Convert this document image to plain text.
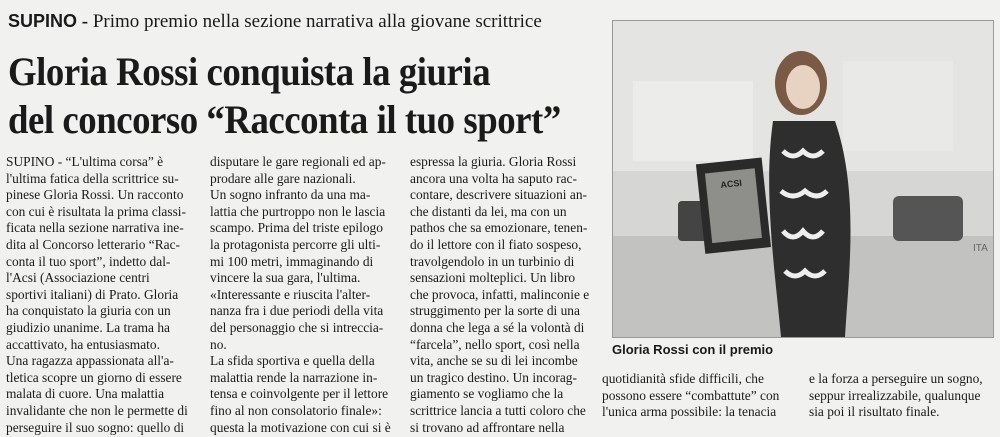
SUPINO - Primo premio nella sezione narrativa alla giovane scrittrice
Gloria Rossi conquista la giuria
del concorso “Racconta il tuo sport”
SUPINO - “L'ultima corsa” è
l'ultima fatica della scrittrice su-
pinese Gloria Rossi. Un racconto
con cui è risultata la prima classi-
ficata nella sezione narrativa ine-
dita al Concorso letterario “Rac-
conta il tuo sport”, indetto dal-
l'Acsi (Associazione centri
sportivi italiani) di Prato. Gloria
ha conquistato la giuria con un
giudizio unanime. La trama ha
accattivato, ha entusiasmato.
Una ragazza appassionata all'a-
tletica scopre un giorno di essere
malata di cuore. Una malattia
invalidante che non le permette di
perseguire il suo sogno: quello di
disputare le gare regionali ed ap-
prodare alle gare nazionali.
Un sogno infranto da una ma-
lattia che purtroppo non le lascia
scampo. Prima del triste epilogo
la protagonista percorre gli ulti-
mi 100 metri, immaginando di
vincere la sua gara, l'ultima.
«Interessante e riuscita l'alter-
nanza fra i due periodi della vita
del personaggio che si intreccia-
no.
La sfida sportiva e quella della
malattia rende la narrazione in-
tensa e coinvolgente per il lettore
fino al non consolatorio finale»:
questa la motivazione con cui si è
espressa la giuria. Gloria Rossi
ancora una volta ha saputo rac-
contare, descrivere situazioni an-
che distanti da lei, ma con un
pathos che sa emozionare, tenen-
do il lettore con il fiato sospeso,
travolgendolo in un turbinio di
sensazioni molteplici. Un libro
che provoca, infatti, malinconie e
struggimento per la sorte di una
donna che lega a sé la volontà di
“farcela”, nello sport, così nella
vita, anche se su di lei incombe
un tragico destino. Un incorag-
giamento se vogliamo che la
scrittrice lancia a tutti coloro che
si trovano ad affrontare nella
quotidianità sfide difficili, che
possono essere “combattute” con
l'unica arma possibile: la tenacia
e la forza a perseguire un sogno,
seppur irrealizzabile, qualunque
sia poi il risultato finale.
ACSI
ITA
Gloria Rossi con il premio
